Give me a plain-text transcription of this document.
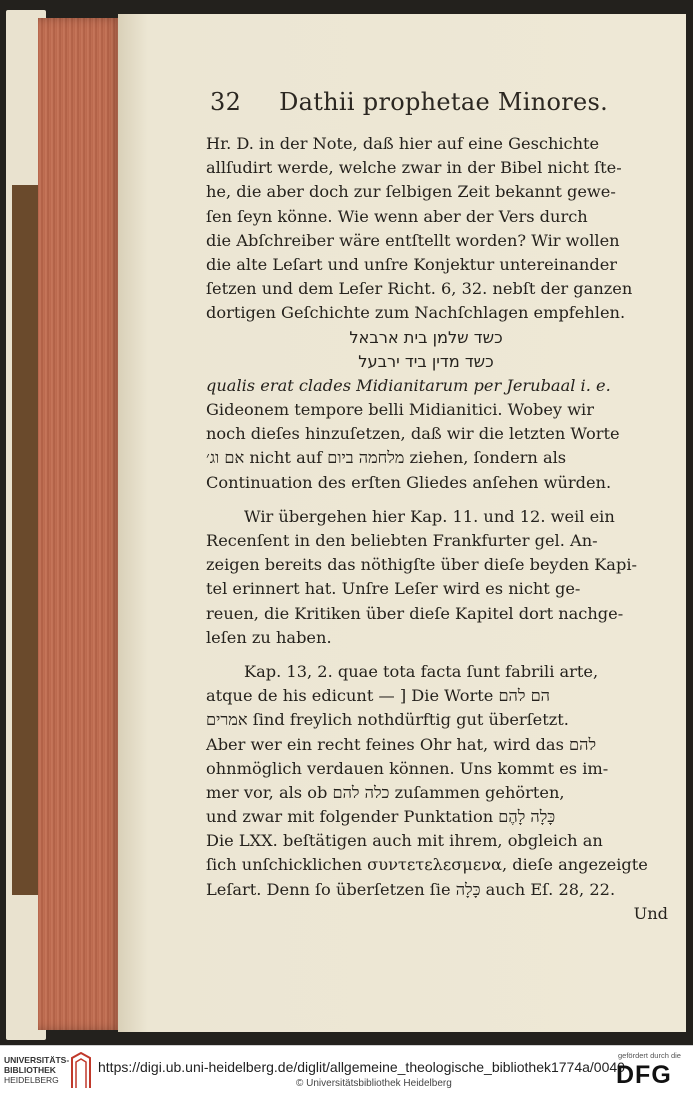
32 Dathii prophetae Minores.
Hr. D. in der Note, daß hier auf eine Geschichte
allſudirt werde, welche zwar in der Bibel nicht ſte-
he, die aber doch zur ſelbigen Zeit bekannt gewe-
ſen ſeyn könne. Wie wenn aber der Vers durch
die Abſchreiber wäre entſtellt worden? Wir wollen
die alte Leſart und unſre Konjektur untereinander
ſetzen und dem Leſer Richt. 6, 32. nebſt der ganzen
dortigen Geſchichte zum Nachſchlagen empfehlen.
כשד שלמן בית ארבאל
כשד מדין ביד ירבעל
qualis erat clades Midianitarum per Jerubaal i. e.
Gideonem tempore belli Midianitici. Wobey wir
noch dieſes hinzuſetzen, daß wir die letzten Worte
אם וג׳ nicht auf מלחמה ביום ziehen, ſondern als
Continuation des erſten Gliedes anſehen würden.
Wir übergehen hier Kap. 11. und 12. weil ein
Recenſent in den beliebten Frankfurter gel. An-
zeigen bereits das nöthigſte über dieſe beyden Kapi-
tel erinnert hat. Unſre Leſer wird es nicht ge-
reuen, die Kritiken über dieſe Kapitel dort nachge-
leſen zu haben.
Kap. 13, 2. quae tota facta ſunt fabrili arte,
atque de his edicunt — ] Die Worte הם להם
אמרים ſind freylich nothdürftig gut überſetzt.
Aber wer ein recht feines Ohr hat, wird das להם
ohnmöglich verdauen können. Uns kommt es im-
mer vor, als ob כלה להם zuſammen gehörten,
und zwar mit folgender Punktation כָּלָה לָהֶם
Die LXX. beſtätigen auch mit ihrem, obgleich an
ſich unſchicklichen συντετελεσμενα, dieſe angezeigte
Leſart. Denn ſo überſetzen ſie כָּלָה auch Eſ. 28, 22.
Und
UNIVERSITÄTS-
BIBLIOTHEK
HEIDELBERG
https://digi.ub.uni-heidelberg.de/diglit/allgemeine_theologische_bibliothek1774a/0040
© Universitätsbibliothek Heidelberg
gefördert durch die
DFG
